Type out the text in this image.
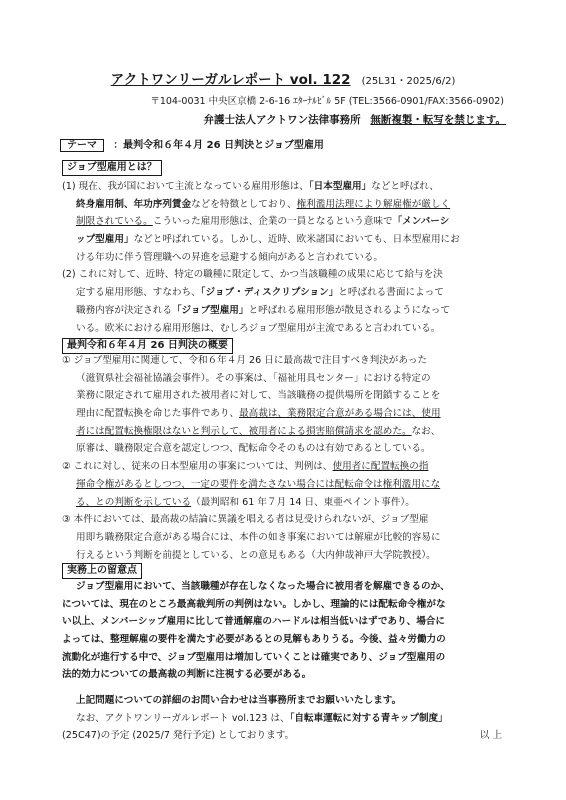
アクトワンリーガルレポート vol. 122 (25L31・2025/6/2)
〒104-0031 中央区京橋 2-6-16 ｴﾀｰﾅﾙﾋﾞﾙ 5F (TEL:3566-0901/FAX:3566-0902)
弁護士法人アクトワン法律事務所 無断複製・転写を禁じます。
テーマ ：最判令和６年４月 26 日判決とジョブ型雇用
ジョブ型雇用とは？
(1) 現在、我が国において主流となっている雇用形態は、「日本型雇用」などと呼ばれ、
終身雇用制、年功序列賃金などを特徴としており、権利濫用法理により解雇権が厳しく
制限されている。こういった雇用形態は、企業の一員となるという意味で「メンバーシ
ップ型雇用」などと呼ばれている。しかし、近時、欧米諸国においても、日本型雇用にお
ける年功に伴う管理職への昇進を忌避する傾向があると言われている。
(2) これに対して、近時、特定の職種に限定して、かつ当該職種の成果に応じて給与を決
定する雇用形態、すなわち、「ジョブ・ディスクリプション」と呼ばれる書面によって
職務内容が決定される「ジョブ型雇用」と呼ばれる雇用形態が散見されるようになって
いる。欧米における雇用形態は、むしろジョブ型雇用が主流であると言われている。
最判令和６年４月 26 日判決の概要
① ジョブ型雇用に関連して、令和６年４月 26 日に最高裁で注目すべき判決があった
（滋賀県社会福祉協議会事件）。その事案は、「福祉用具センター」における特定の
業務に限定されて雇用された被用者に対して、当該職務の提供場所を閉鎖することを
理由に配置転換を命じた事件であり、最高裁は、業務限定合意がある場合には、使用
者には配置転換権限はないと判示して、被用者による損害賠償請求を認めた。なお、
原審は、職務限定合意を認定しつつ、配転命令そのものは有効であるとしている。
② これに対し、従来の日本型雇用の事案については、判例は、使用者に配置転換の指
揮命令権があるとしつつ、一定の要件を満たさない場合には配転命令は権利濫用にな
る、との判断を示している（最判昭和 61 年７月 14 日、東亜ペイント事件）。
③ 本件においては、最高裁の結論に異議を唱える者は見受けられないが、ジョブ型雇
用即ち職務限定合意がある場合には、本件の如き事案においては解雇が比較的容易に
行えるという判断を前提としている、との意見もある（大内伸哉神戸大学院教授）。
実務上の留意点
ジョブ型雇用において、当該職種が存在しなくなった場合に被用者を解雇できるのか、
については、現在のところ最高裁判所の判例はない。しかし、理論的には配転命令権がな
い以上、メンバーシップ雇用に比して普通解雇のハードルは相当低いはずであり、場合に
よっては、整理解雇の要件を満たす必要があるとの見解もありうる。今後、益々労働力の
流動化が進行する中で、ジョブ型雇用は増加していくことは確実であり、ジョブ型雇用の
法的効力についての最高裁の判断に注視する必要がある。
上記問題についての詳細のお問い合わせは当事務所までお願いいたします。
なお、アクトワンリーガルレポート vol.123 は、「自転車運転に対する青キップ制度」
(25C47)の予定 (2025/7 発行予定) としております。	以 上
